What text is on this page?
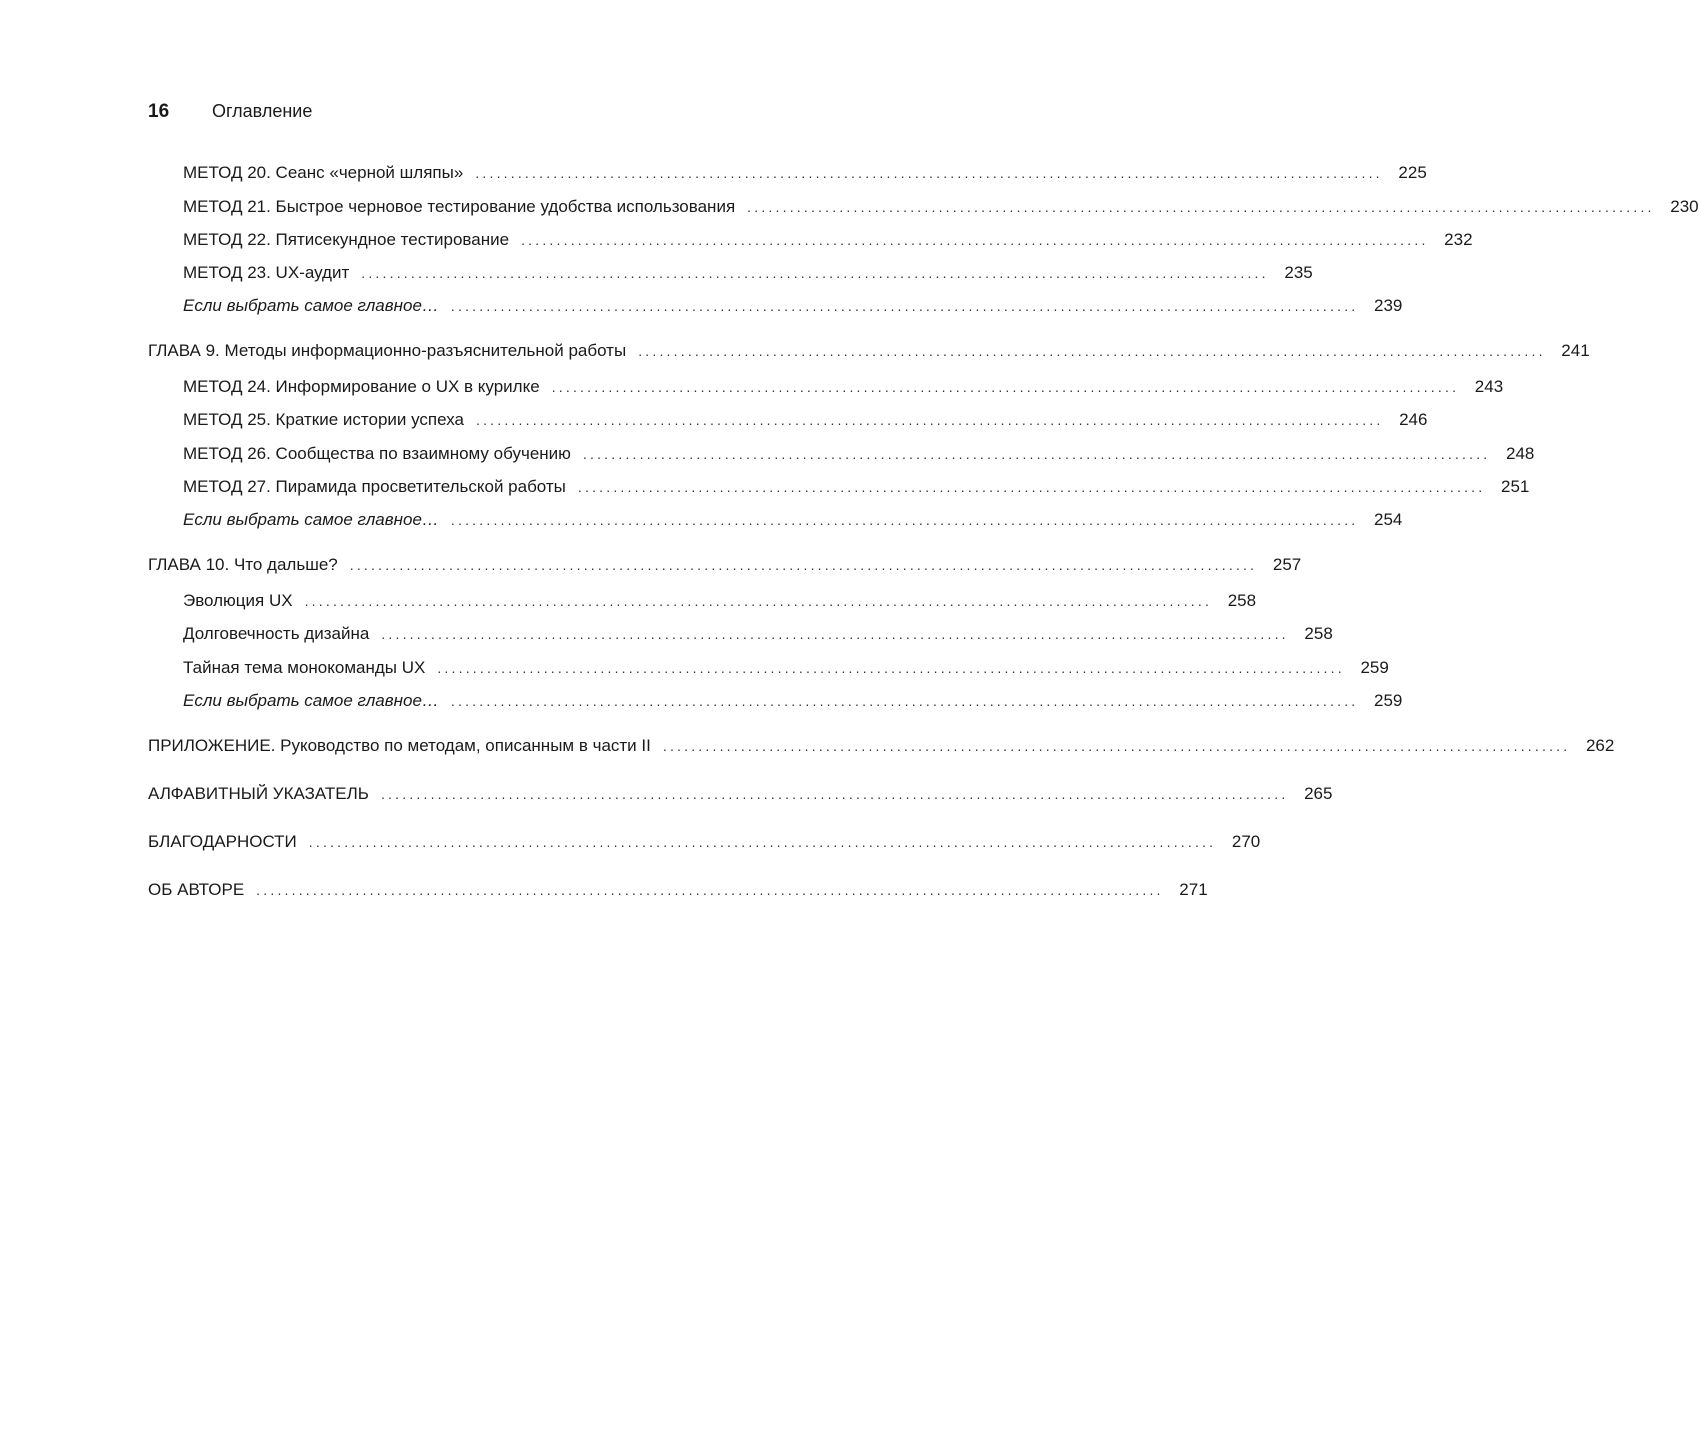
16	Оглавление
МЕТОД 20. Сеанс «черной шляпы» ................................................................................................................................ 225
МЕТОД 21. Быстрое черновое тестирование удобства использования ................................................................................................................................ 230
МЕТОД 22. Пятисекундное тестирование ................................................................................................................................ 232
МЕТОД 23. UX-аудит ................................................................................................................................ 235
Если выбрать самое главное… ................................................................................................................................ 239
ГЛАВА 9. Методы информационно-разъяснительной работы ................................................................................................................................ 241
МЕТОД 24. Информирование о UX в курилке ................................................................................................................................ 243
МЕТОД 25. Краткие истории успеха ................................................................................................................................ 246
МЕТОД 26. Сообщества по взаимному обучению ................................................................................................................................ 248
МЕТОД 27. Пирамида просветительской работы ................................................................................................................................ 251
Если выбрать самое главное… ................................................................................................................................ 254
ГЛАВА 10. Что дальше? ................................................................................................................................ 257
Эволюция UX ................................................................................................................................ 258
Долговечность дизайна ................................................................................................................................ 258
Тайная тема монокоманды UX ................................................................................................................................ 259
Если выбрать самое главное… ................................................................................................................................ 259
ПРИЛОЖЕНИЕ. Руководство по методам, описанным в части II ................................................................................................................................ 262
АЛФАВИТНЫЙ УКАЗАТЕЛЬ ................................................................................................................................ 265
БЛАГОДАРНОСТИ ................................................................................................................................ 270
ОБ АВТОРЕ ................................................................................................................................ 271
